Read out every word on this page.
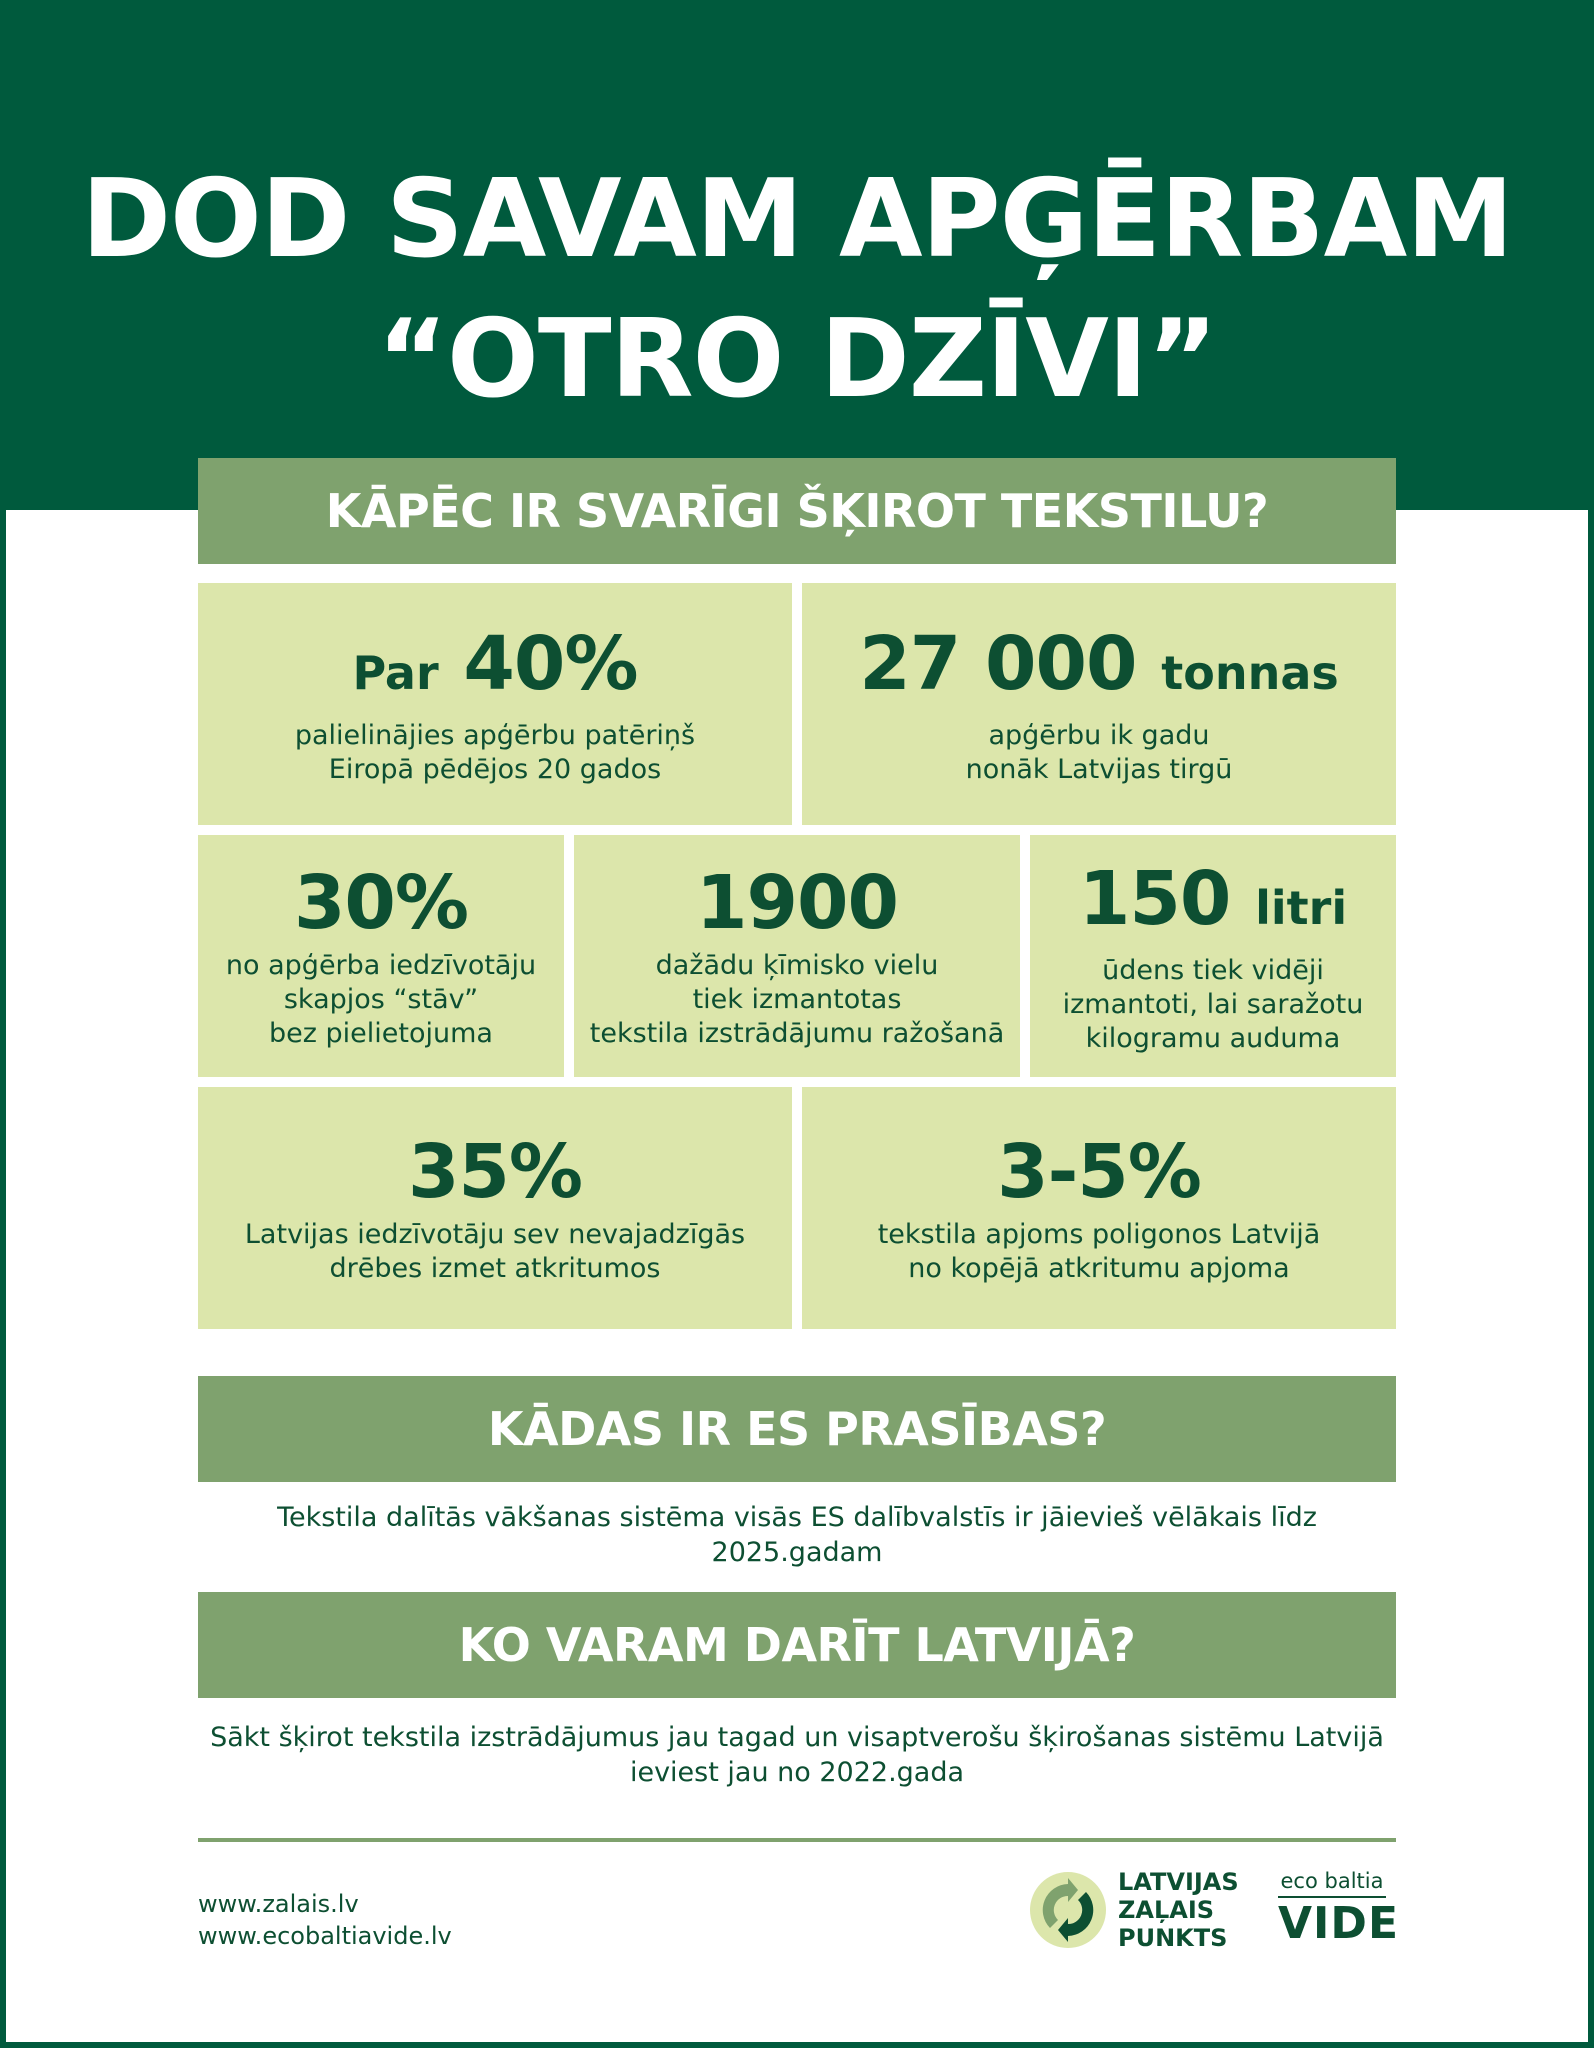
DOD SAVAM APĢĒRBAM
“OTRO DZĪVI”
KĀPĒC IR SVARĪGI ŠĶIROT TEKSTILU?
Par 40%
palielinājies apģērbu patēriņš
Eiropā pēdējos 20 gados
27 000 tonnas
apģērbu ik gadu
nonāk Latvijas tirgū
30%
no apģērba iedzīvotāju
skapjos “stāv”
bez pielietojuma
1900
dažādu ķīmisko vielu
tiek izmantotas
tekstila izstrādājumu ražošanā
150 litri
ūdens tiek vidēji
izmantoti, lai saražotu
kilogramu auduma
35%
Latvijas iedzīvotāju sev nevajadzīgās
drēbes izmet atkritumos
3-5%
tekstila apjoms poligonos Latvijā
no kopējā atkritumu apjoma
KĀDAS IR ES PRASĪBAS?
Tekstila dalītās vākšanas sistēma visās ES dalībvalstīs ir jāievieš vēlākais līdz 2025.gadam
KO VARAM DARĪT LATVIJĀ?
Sākt šķirot tekstila izstrādājumus jau tagad un visaptverošu šķirošanas sistēmu Latvijā
ieviest jau no 2022.gada
www.zalais.lv
www.ecobaltiavide.lv
LATVIJAS
ZAĻAIS
PUNKTS
eco baltia
VIDE
